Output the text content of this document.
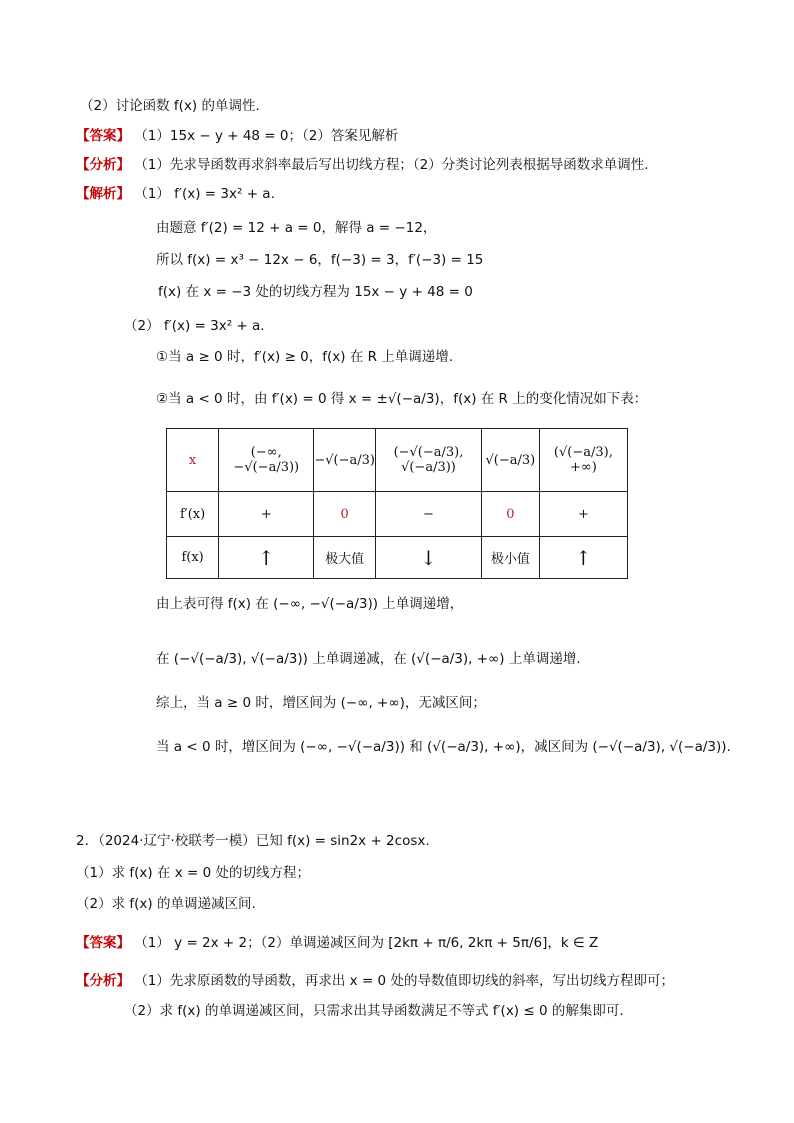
（2）讨论函数 f(x) 的单调性.
【答案】 （1）15x − y + 48 = 0；（2）答案见解析
【分析】 （1）先求导函数再求斜率最后写出切线方程；（2）分类讨论列表根据导函数求单调性.
【解析】 （1） f′(x) = 3x² + a.
由题意 f′(2) = 12 + a = 0，解得 a = −12，
所以 f(x) = x³ − 12x − 6，f(−3) = 3，f′(−3) = 15
f(x) 在 x = −3 处的切线方程为 15x − y + 48 = 0
（2） f′(x) = 3x² + a.
①当 a ≥ 0 时，f′(x) ≥ 0，f(x) 在 R 上单调递增.
②当 a < 0 时，由 f′(x) = 0 得 x = ±√(−a/3)，f(x) 在 R 上的变化情况如下表：
x	(−∞, −√(−a/3))	−√(−a/3)	(−√(−a/3), √(−a/3))	√(−a/3)	(√(−a/3), +∞)
f′(x)	+	0	−	0	+
f(x)	↑	极大值	↓	极小值	↑
由上表可得 f(x) 在 (−∞, −√(−a/3)) 上单调递增，
在 (−√(−a/3), √(−a/3)) 上单调递减，在 (√(−a/3), +∞) 上单调递增.
综上，当 a ≥ 0 时，增区间为 (−∞, +∞)，无减区间；
当 a < 0 时，增区间为 (−∞, −√(−a/3)) 和 (√(−a/3), +∞)，减区间为 (−√(−a/3), √(−a/3)).
2．（2024·辽宁·校联考一模）已知 f(x) = sin2x + 2cosx.
（1）求 f(x) 在 x = 0 处的切线方程；
（2）求 f(x) 的单调递减区间.
【答案】 （1） y = 2x + 2；（2）单调递减区间为 [2kπ + π/6, 2kπ + 5π/6]，k ∈ Z
【分析】 （1）先求原函数的导函数，再求出 x = 0 处的导数值即切线的斜率，写出切线方程即可；
（2）求 f(x) 的单调递减区间，只需求出其导函数满足不等式 f′(x) ≤ 0 的解集即可.
